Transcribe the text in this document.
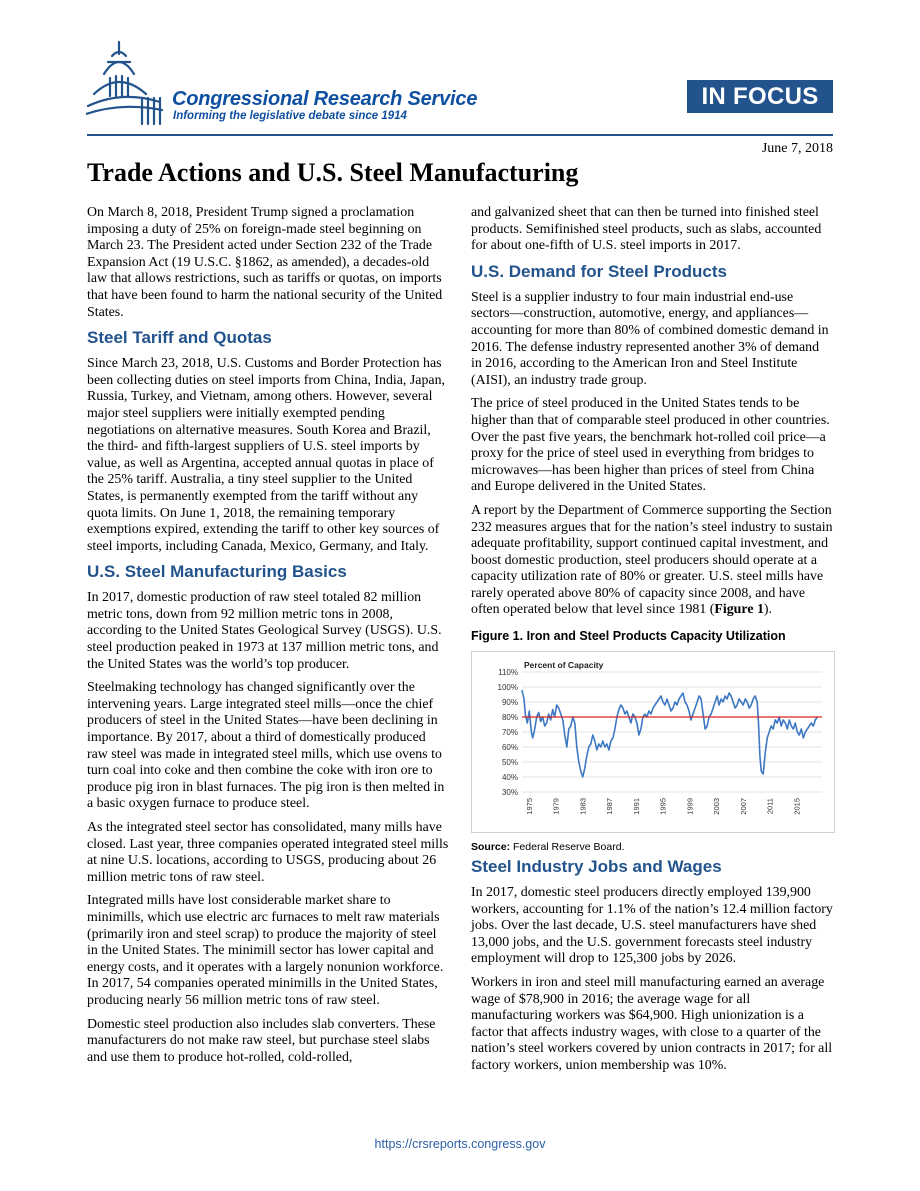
Congressional Research Service
Informing the legislative debate since 1914
IN FOCUS
June 7, 2018
Trade Actions and U.S. Steel Manufacturing

On March 8, 2018, President Trump signed a proclamation imposing a duty of 25% on foreign-made steel beginning on March 23. The President acted under Section 232 of the Trade Expansion Act (19 U.S.C. §1862, as amended), a decades-old law that allows restrictions, such as tariffs or quotas, on imports that have been found to harm the national security of the United States.

Steel Tariff and Quotas

Since March 23, 2018, U.S. Customs and Border Protection has been collecting duties on steel imports from China, India, Japan, Russia, Turkey, and Vietnam, among others. However, several major steel suppliers were initially exempted pending negotiations on alternative measures. South Korea and Brazil, the third- and fifth-largest suppliers of U.S. steel imports by value, as well as Argentina, accepted annual quotas in place of the 25% tariff. Australia, a tiny steel supplier to the United States, is permanently exempted from the tariff without any quota limits. On June 1, 2018, the remaining temporary exemptions expired, extending the tariff to other key sources of steel imports, including Canada, Mexico, Germany, and Italy.

U.S. Steel Manufacturing Basics

In 2017, domestic production of raw steel totaled 82 million metric tons, down from 92 million metric tons in 2008, according to the United States Geological Survey (USGS). U.S. steel production peaked in 1973 at 137 million metric tons, and the United States was the world’s top producer.

Steelmaking technology has changed significantly over the intervening years. Large integrated steel mills—once the chief producers of steel in the United States—have been declining in importance. By 2017, about a third of domestically produced raw steel was made in integrated steel mills, which use ovens to turn coal into coke and then combine the coke with iron ore to produce pig iron in blast furnaces. The pig iron is then melted in a basic oxygen furnace to produce steel.

As the integrated steel sector has consolidated, many mills have closed. Last year, three companies operated integrated steel mills at nine U.S. locations, according to USGS, producing about 26 million metric tons of raw steel.

Integrated mills have lost considerable market share to minimills, which use electric arc furnaces to melt raw materials (primarily iron and steel scrap) to produce the majority of steel in the United States. The minimill sector has lower capital and energy costs, and it operates with a largely nonunion workforce. In 2017, 54 companies operated minimills in the United States, producing nearly 56 million metric tons of raw steel.

Domestic steel production also includes slab converters. These manufacturers do not make raw steel, but purchase steel slabs and use them to produce hot-rolled, cold-rolled,

and galvanized sheet that can then be turned into finished steel products. Semifinished steel products, such as slabs, accounted for about one-fifth of U.S. steel imports in 2017.

U.S. Demand for Steel Products

Steel is a supplier industry to four main industrial end-use sectors—construction, automotive, energy, and appliances—accounting for more than 80% of combined domestic demand in 2016. The defense industry represented another 3% of demand in 2016, according to the American Iron and Steel Institute (AISI), an industry trade group.

The price of steel produced in the United States tends to be higher than that of comparable steel produced in other countries. Over the past five years, the benchmark hot-rolled coil price—a proxy for the price of steel used in everything from bridges to microwaves—has been higher than prices of steel from China and Europe delivered in the United States.

A report by the Department of Commerce supporting the Section 232 measures argues that for the nation’s steel industry to sustain adequate profitability, support continued capital investment, and boost domestic production, steel producers should operate at a capacity utilization rate of 80% or greater. U.S. steel mills have rarely operated above 80% of capacity since 2008, and have often operated below that level since 1981 (Figure 1).

Figure 1. Iron and Steel Products Capacity Utilization
30%
40%
50%
60%
70%
80%
90%
100%
110%
Percent of Capacity
1975 1979 1983 1987 1991 1995 1999 2003 2007 2011 2015
Source: Federal Reserve Board.
Steel Industry Jobs and Wages

In 2017, domestic steel producers directly employed 139,900 workers, accounting for 1.1% of the nation’s 12.4 million factory jobs. Over the last decade, U.S. steel manufacturers have shed 13,000 jobs, and the U.S. government forecasts steel industry employment will drop to 125,300 jobs by 2026.

Workers in iron and steel mill manufacturing earned an average wage of $78,900 in 2016; the average wage for all manufacturing workers was $64,900. High unionization is a factor that affects industry wages, with close to a quarter of the nation’s steel workers covered by union contracts in 2017; for all factory workers, union membership was 10%.

https://crsreports.congress.gov
